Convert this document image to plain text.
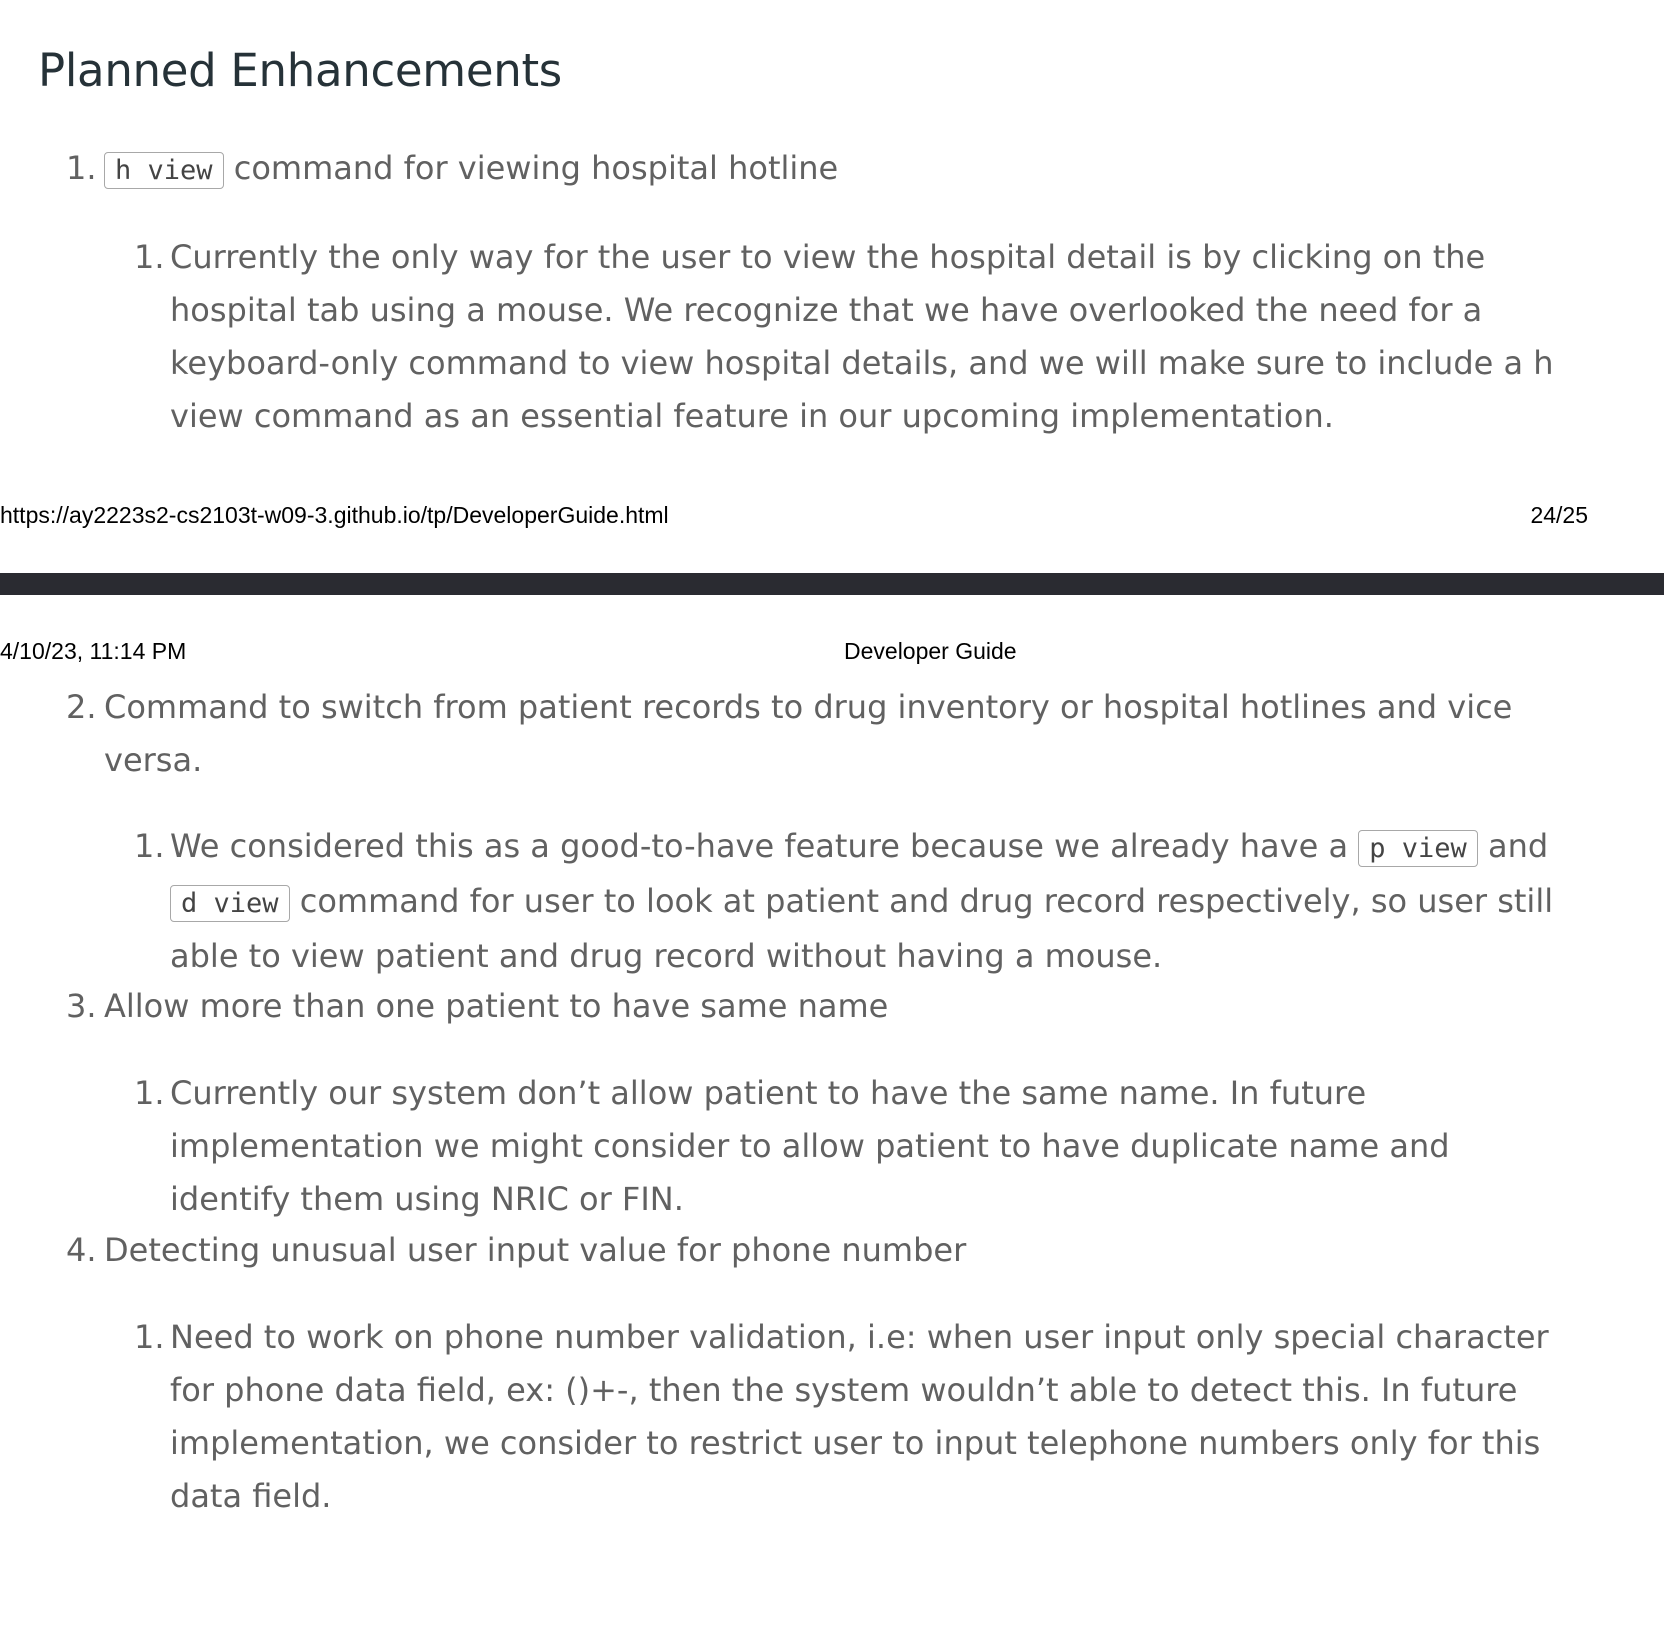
Planned Enhancements
1. h view command for viewing hospital hotline
1. Currently the only way for the user to view the hospital detail is by clicking on the hospital tab using a mouse. We recognize that we have overlooked the need for a keyboard-only command to view hospital details, and we will make sure to include a h view command as an essential feature in our upcoming implementation.
https://ay2223s2-cs2103t-w09-3.github.io/tp/DeveloperGuide.html	24/25
4/10/23, 11:14 PM	Developer Guide
2. Command to switch from patient records to drug inventory or hospital hotlines and vice versa.
1. We considered this as a good-to-have feature because we already have a p view and d view command for user to look at patient and drug record respectively, so user still able to view patient and drug record without having a mouse.
3. Allow more than one patient to have same name
1. Currently our system don’t allow patient to have the same name. In future implementation we might consider to allow patient to have duplicate name and identify them using NRIC or FIN.
4. Detecting unusual user input value for phone number
1. Need to work on phone number validation, i.e: when user input only special character for phone data field, ex: ()+-, then the system wouldn’t able to detect this. In future implementation, we consider to restrict user to input telephone numbers only for this data field.
